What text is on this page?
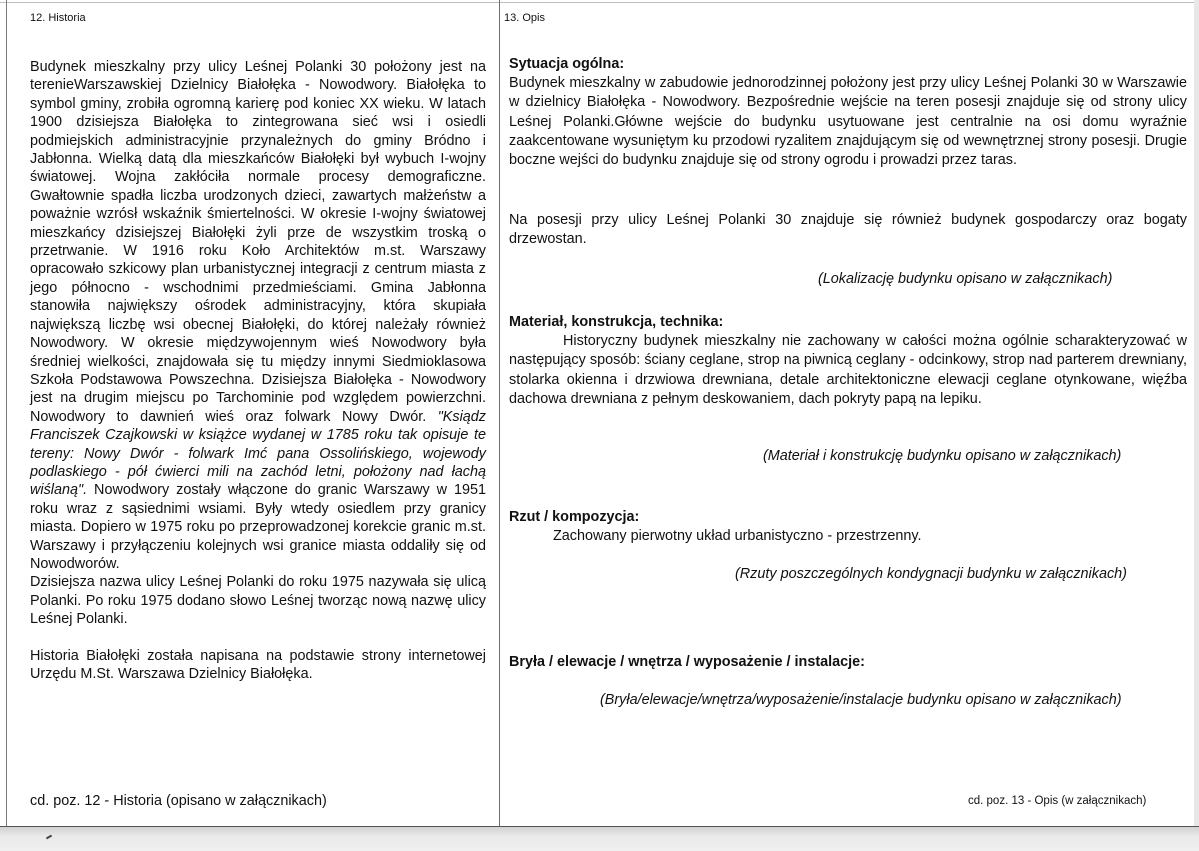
12. Historia

Budynek mieszkalny przy ulicy Leśnej Polanki 30 położony jest na terenieWarszawskiej Dzielnicy Białołęka - Nowodwory. Białołęka to symbol gminy, zrobiła ogromną karierę pod koniec XX wieku. W latach 1900 dzisiejsza Białołęka to zintegrowana sieć wsi i osiedli podmiejskich administracyjnie przynależnych do gminy Bródno i Jabłonna. Wielką datą dla mieszkańców Białołęki był wybuch I-wojny światowej. Wojna zakłóciła normale procesy demograficzne. Gwałtownie spadła liczba urodzonych dzieci, zawartych małżeństw a poważnie wzrósł wskaźnik śmiertelności. W okresie I-wojny światowej mieszkańcy dzisiejszej Białołęki żyli prze de wszystkim troską o przetrwanie. W 1916 roku Koło Architektów m.st. Warszawy opracowało szkicowy plan urbanistycznej integracji z centrum miasta z jego północno - wschodnimi przedmieściami. Gmina Jabłonna stanowiła największy ośrodek administracyjny, która skupiała największą liczbę wsi obecnej Białołęki, do której należały również Nowodwory. W okresie międzywojennym wieś Nowodwory była średniej wielkości, znajdowała się tu między innymi Siedmioklasowa Szkoła Podstawowa Powszechna. Dzisiejsza Białołęka - Nowodwory jest na drugim miejscu po Tarchominie pod względem powierzchni. Nowodwory to dawnień wieś oraz folwark Nowy Dwór. "Ksiądz Franciszek Czajkowski w książce wydanej w 1785 roku tak opisuje te tereny: Nowy Dwór - folwark Imć pana Ossolińskiego, wojewody podlaskiego - pół ćwierci mili na zachód letni, położony nad łachą wiślaną". Nowodwory zostały włączone do granic Warszawy w 1951 roku wraz z sąsiednimi wsiami. Były wtedy osiedlem przy granicy miasta. Dopiero w 1975 roku po przeprowadzonej korekcie granic m.st. Warszawy i przyłączeniu kolejnych wsi granice miasta oddaliły się od Nowodworów.

Dzisiejsza nazwa ulicy Leśnej Polanki do roku 1975 nazywała się ulicą Polanki. Po roku 1975 dodano słowo Leśnej tworząc nową nazwę ulicy Leśnej Polanki.

Historia Białołęki została napisana na podstawie strony internetowej Urzędu M.St. Warszawa Dzielnicy Białołęka.

cd. poz. 12 - Historia (opisano w załącznikach)
13. Opis
Sytuacja ogólna:

Budynek mieszkalny w zabudowie jednorodzinnej położony jest przy ulicy Leśnej Polanki 30 w Warszawie w dzielnicy Białołęka - Nowodwory. Bezpośrednie wejście na teren posesji znajduje się od strony ulicy Leśnej Polanki.Główne wejście do budynku usytuowane jest centralnie na osi domu wyraźnie zaakcentowane wysuniętym ku przodowi ryzalitem znajdującym się od wewnętrznej strony posesji. Drugie boczne wejści do budynku znajduje się od strony ogrodu i prowadzi przez taras.

Na posesji przy ulicy Leśnej Polanki 30 znajduje się również budynek gospodarczy oraz bogaty drzewostan.

(Lokalizację budynku opisano w załącznikach)
Materiał, konstrukcja, technika:

Historyczny budynek mieszkalny nie zachowany w całości można ogólnie scharakteryzować w następujący sposób: ściany ceglane, strop na piwnicą ceglany - odcinkowy, strop nad parterem drewniany, stolarka okienna i drzwiowa drewniana, detale architektoniczne elewacji ceglane otynkowane, więźba dachowa drewniana z pełnym deskowaniem, dach pokryty papą na lepiku.

(Materiał i konstrukcję budynku opisano w załącznikach)
Rzut / kompozycja:

Zachowany pierwotny układ urbanistyczno - przestrzenny.

(Rzuty poszczególnych kondygnacji budynku w załącznikach)
Bryła / elewacje / wnętrza / wyposażenie / instalacje:
(Bryła/elewacje/wnętrza/wyposażenie/instalacje budynku opisano w załącznikach)
cd. poz. 13 - Opis (w załącznikach)
